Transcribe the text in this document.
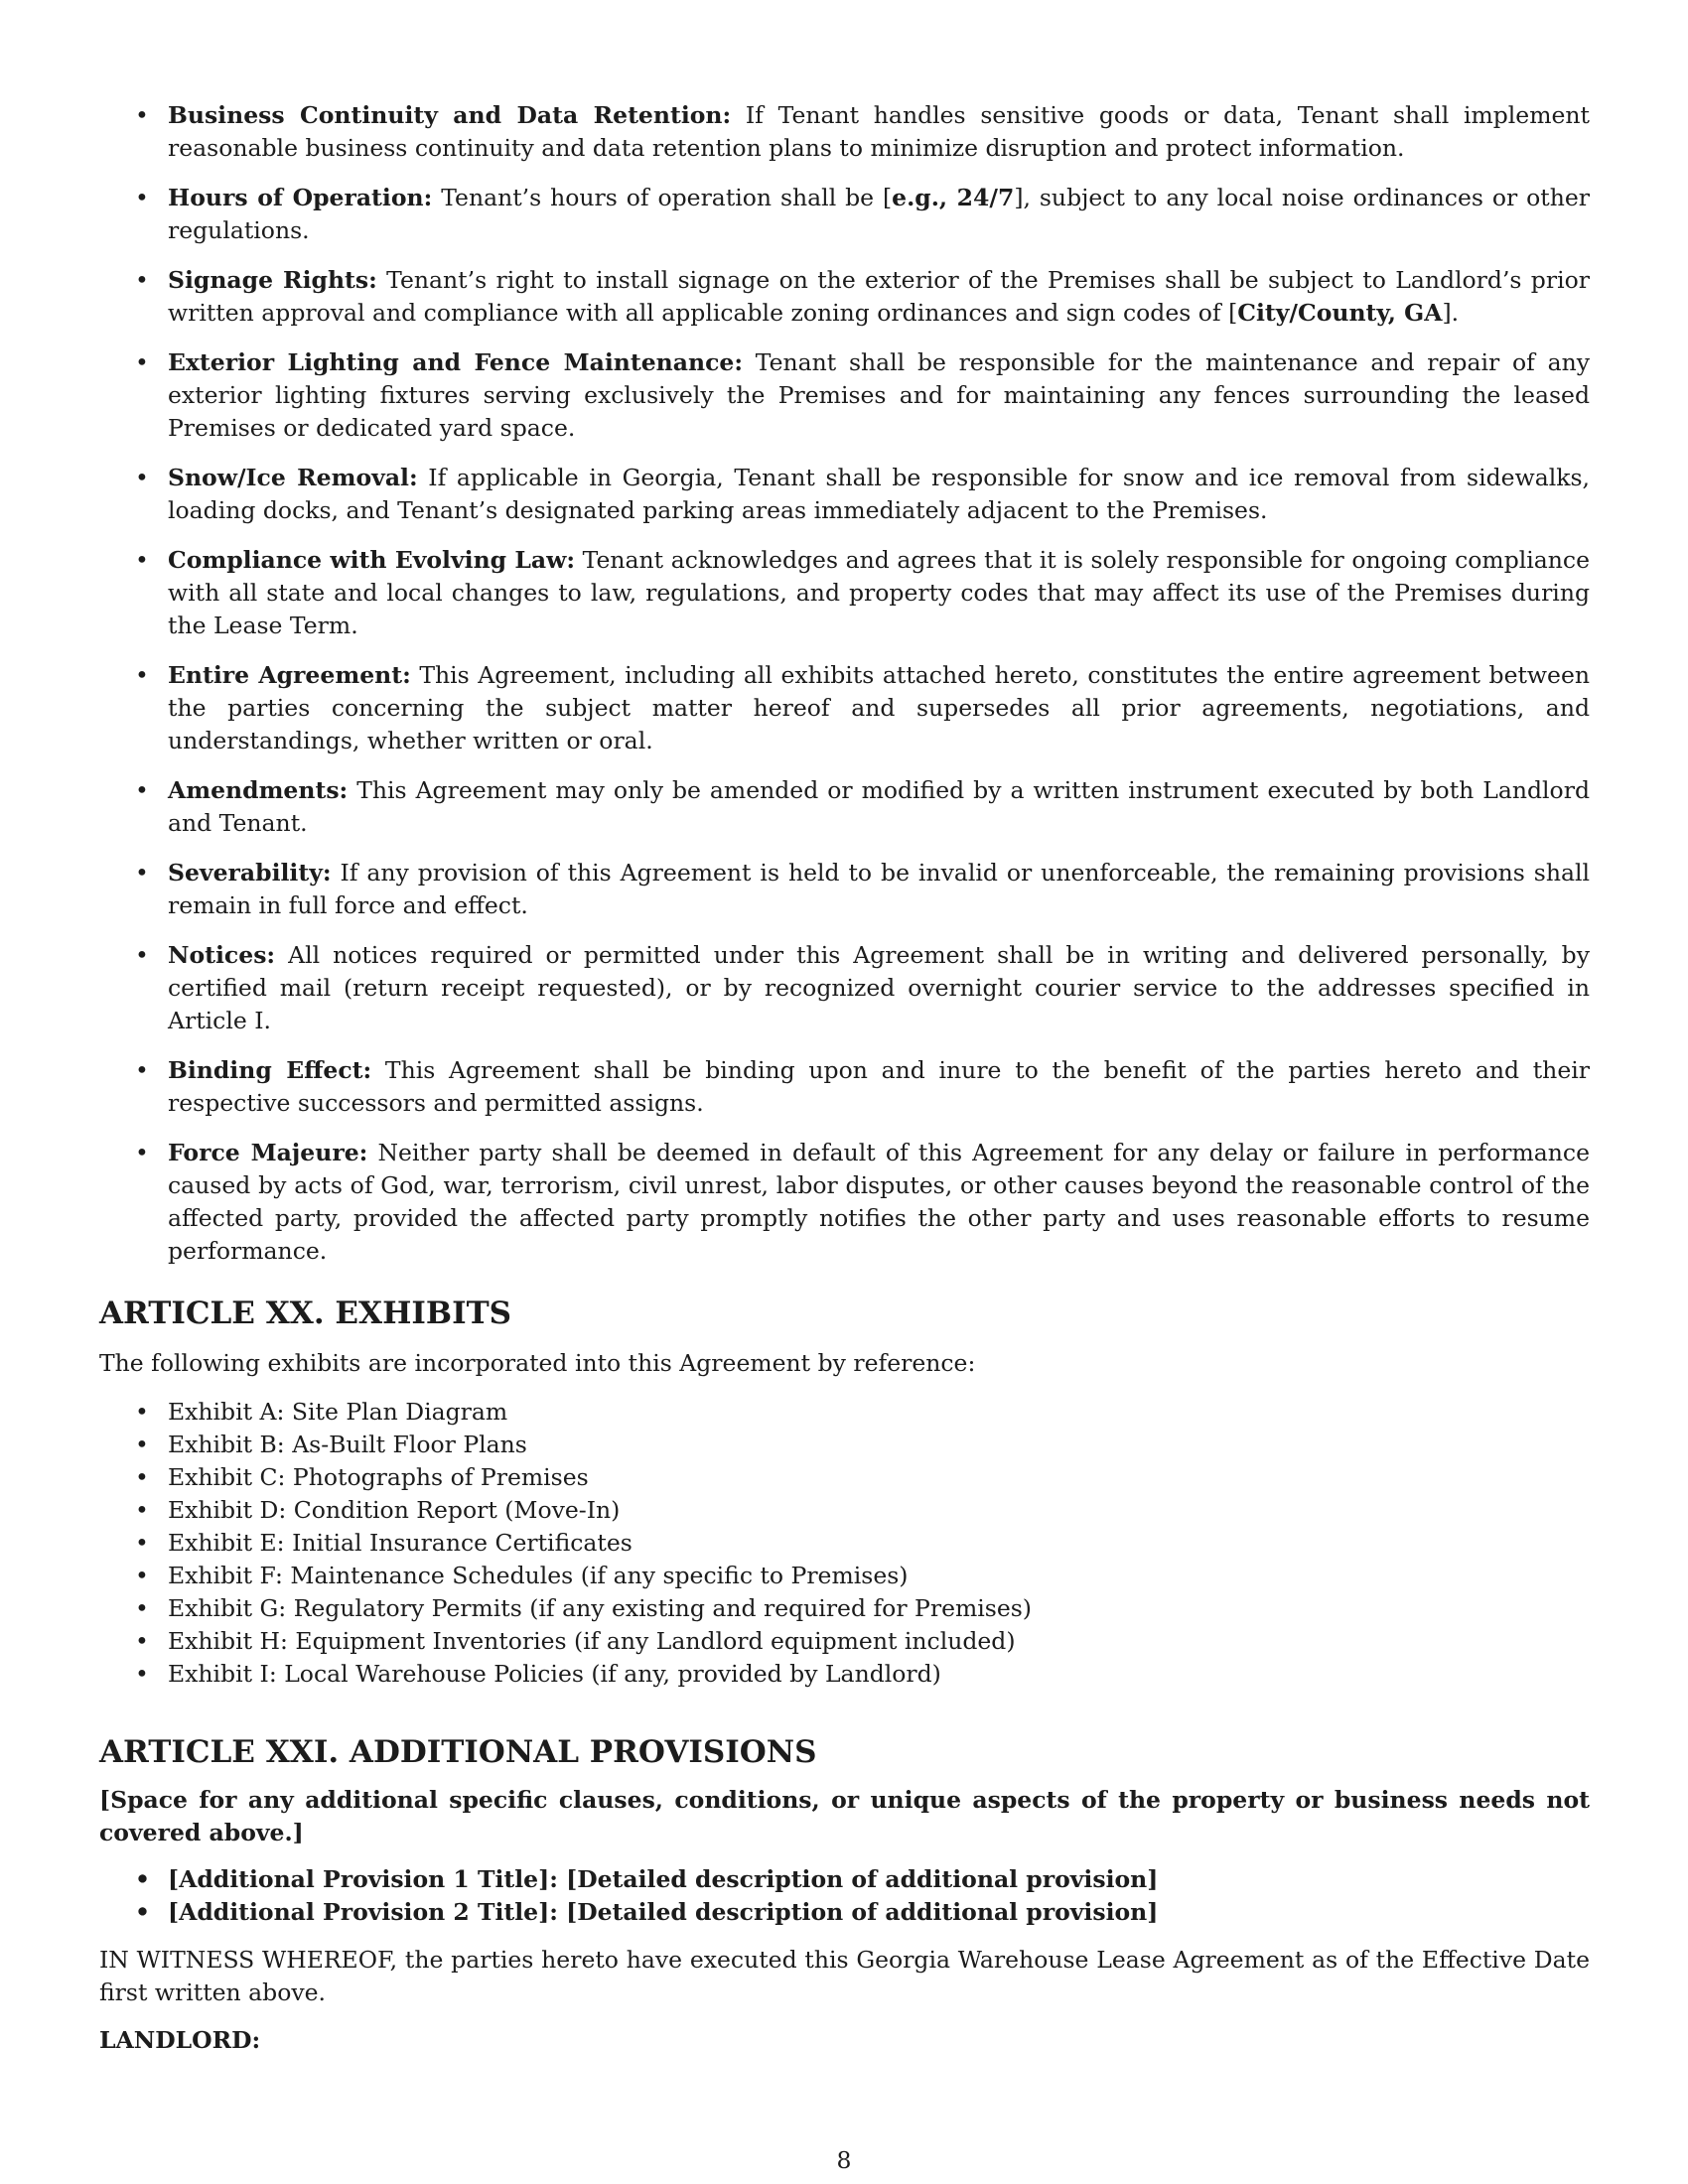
• Business Continuity and Data Retention: If Tenant handles sensitive goods or data, Tenant shall implement reasonable business continuity and data retention plans to minimize disruption and protect information.
• Hours of Operation: Tenant’s hours of operation shall be [e.g., 24/7], subject to any local noise ordinances or other regulations.
• Signage Rights: Tenant’s right to install signage on the exterior of the Premises shall be subject to Landlord’s prior written approval and compliance with all applicable zoning ordinances and sign codes of [City/County, GA].
• Exterior Lighting and Fence Maintenance: Tenant shall be responsible for the maintenance and repair of any exterior lighting fixtures serving exclusively the Premises and for maintaining any fences surrounding the leased Premises or dedicated yard space.
• Snow/Ice Removal: If applicable in Georgia, Tenant shall be responsible for snow and ice removal from sidewalks, loading docks, and Tenant’s designated parking areas immediately adjacent to the Premises.
• Compliance with Evolving Law: Tenant acknowledges and agrees that it is solely responsible for ongoing compliance with all state and local changes to law, regulations, and property codes that may affect its use of the Premises during the Lease Term.
• Entire Agreement: This Agreement, including all exhibits attached hereto, constitutes the entire agreement between the parties concerning the subject matter hereof and supersedes all prior agreements, negotiations, and understandings, whether written or oral.
• Amendments: This Agreement may only be amended or modified by a written instrument executed by both Landlord and Tenant.
• Severability: If any provision of this Agreement is held to be invalid or unenforceable, the remaining provisions shall remain in full force and effect.
• Notices: All notices required or permitted under this Agreement shall be in writing and delivered personally, by certified mail (return receipt requested), or by recognized overnight courier service to the addresses specified in Article I.
• Binding Effect: This Agreement shall be binding upon and inure to the benefit of the parties hereto and their respective successors and permitted assigns.
• Force Majeure: Neither party shall be deemed in default of this Agreement for any delay or failure in performance caused by acts of God, war, terrorism, civil unrest, labor disputes, or other causes beyond the reasonable control of the affected party, provided the affected party promptly notifies the other party and uses reasonable efforts to resume performance.
ARTICLE XX. EXHIBITS

The following exhibits are incorporated into this Agreement by reference:

• Exhibit A: Site Plan Diagram
• Exhibit B: As-Built Floor Plans
• Exhibit C: Photographs of Premises
• Exhibit D: Condition Report (Move-In)
• Exhibit E: Initial Insurance Certificates
• Exhibit F: Maintenance Schedules (if any specific to Premises)
• Exhibit G: Regulatory Permits (if any existing and required for Premises)
• Exhibit H: Equipment Inventories (if any Landlord equipment included)
• Exhibit I: Local Warehouse Policies (if any, provided by Landlord)
ARTICLE XXI. ADDITIONAL PROVISIONS

[Space for any additional specific clauses, conditions, or unique aspects of the property or business needs not covered above.]

• [Additional Provision 1 Title]: [Detailed description of additional provision]
• [Additional Provision 2 Title]: [Detailed description of additional provision]

IN WITNESS WHEREOF, the parties hereto have executed this Georgia Warehouse Lease Agreement as of the Effective Date first written above.

LANDLORD:

8
